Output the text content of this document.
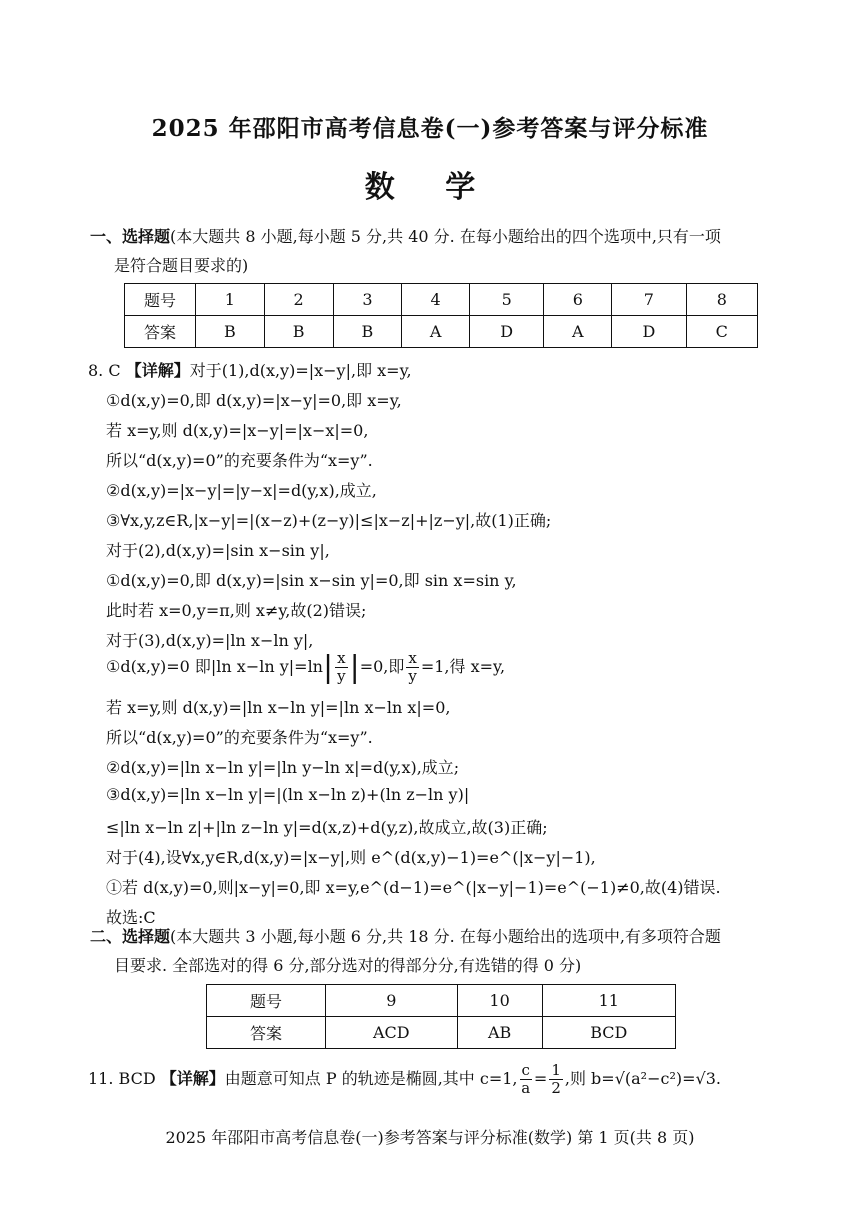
2025 年邵阳市高考信息卷(一)参考答案与评分标准
数 学
一、选择题(本大题共 8 小题,每小题 5 分,共 40 分. 在每小题给出的四个选项中,只有一项
是符合题目要求的)
题号	1	2	3	4	5	6	7	8
答案	B	B	B	A	D	A	D	C
8. C 【详解】对于(1),d(x,y)=|x−y|,即 x=y,
①d(x,y)=0,即 d(x,y)=|x−y|=0,即 x=y,
若 x=y,则 d(x,y)=|x−y|=|x−x|=0,
所以“d(x,y)=0”的充要条件为“x=y”.
②d(x,y)=|x−y|=|y−x|=d(y,x),成立,
③∀x,y,z∈R,|x−y|=|(x−z)+(z−y)|≤|x−z|+|z−y|,故(1)正确;
对于(2),d(x,y)=|sin x−sin y|,
①d(x,y)=0,即 d(x,y)=|sin x−sin y|=0,即 sin x=sin y,
此时若 x=0,y=π,则 x≠y,故(2)错误;
对于(3),d(x,y)=|ln x−ln y|,
①d(x,y)=0 即|ln x−ln $y|=\ln| \frac{x}{y} |=0$,即 $\frac{x}{y} =1$,得 x=y,
若 x=y,则 d(x,y)=|ln x−ln y|=|ln x−ln x|=0,
所以“d(x,y)=0”的充要条件为“x=y”.
②d(x,y)=|ln x−ln y|=|ln y−ln x|=d(y,x),成立;
③d(x,y)=|ln x−ln y|=|(ln x−ln z)+(ln z−ln y)|
≤|ln x−ln z|+|ln z−ln y|=d(x,z)+d(y,z),故成立,故(3)正确;
对于(4),设∀x,y∈R,d(x,y)=|x−y|,则 e^(d(x,y)−1)=e^(|x−y|−1),
①若 d(x,y)=0,则|x−y|=0,即 x=y,e^(d−1)=e^(|x−y|−1)=e^(−1)≠0,故(4)错误.
故选:C
二、选择题(本大题共 3 小题,每小题 6 分,共 18 分. 在每小题给出的选项中,有多项符合题
目要求. 全部选对的得 6 分,部分选对的得部分分,有选错的得 0 分)
题号	9	10	11
答案	ACD	AB	BCD
11. BCD 【详解】由题意可知点 P 的轨迹是椭圆,其中 c=1, $\frac{c}{a} = \frac{1}{2}$ ,则 b=√(a²−c²)=√3.
2025 年邵阳市高考信息卷(一)参考答案与评分标准(数学) 第 1 页(共 8 页)
